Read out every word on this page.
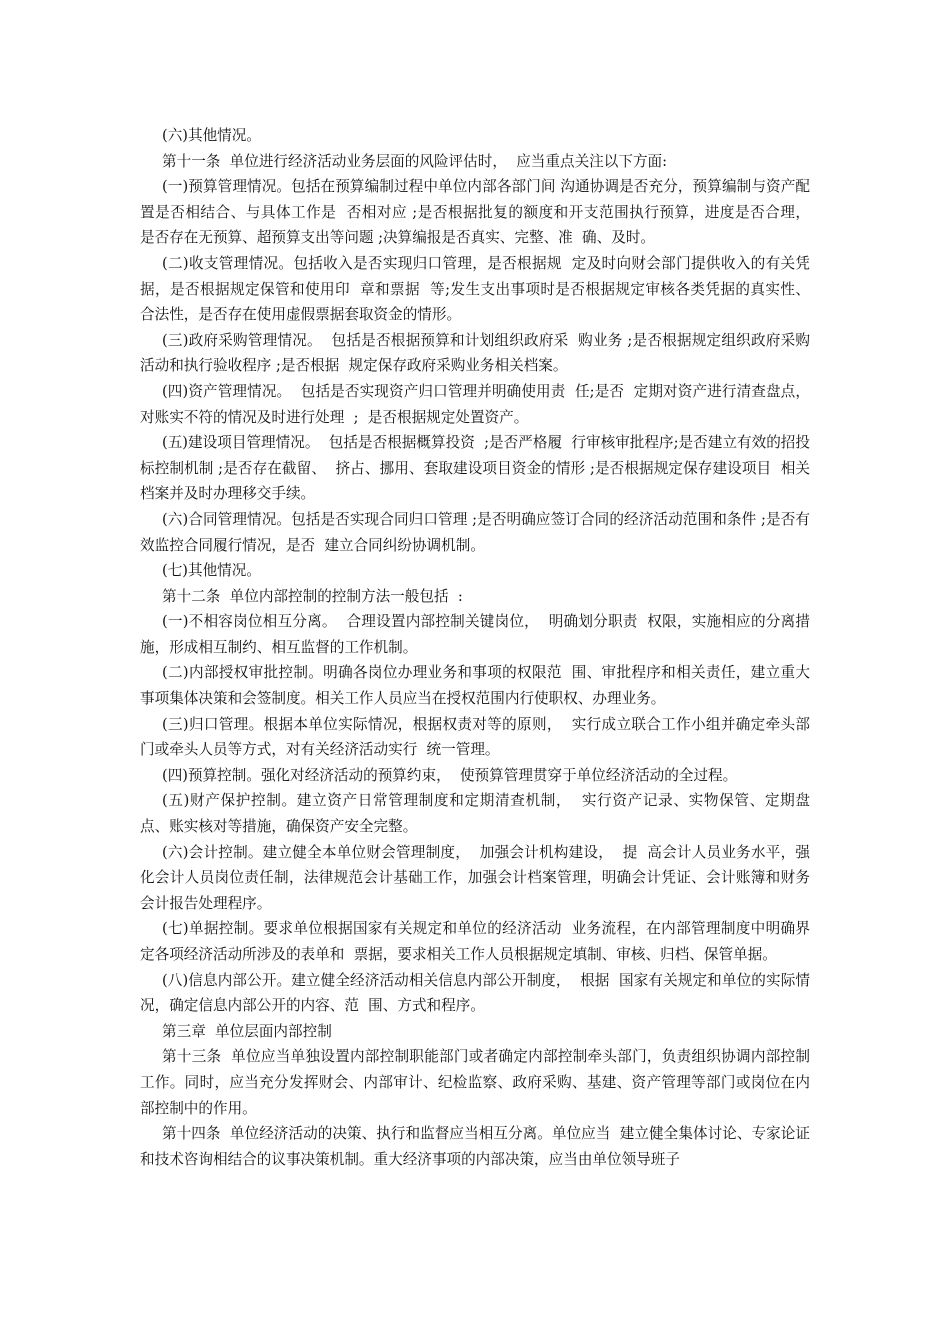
(六)其他情况。

第十一条  单位进行经济活动业务层面的风险评估时，  应当重点关注以下方面:

(一)预算管理情况。包括在预算编制过程中单位内部各部门间 沟通协调是否充分，预算编制与资产配置是否相结合、与具体工作是  否相对应 ;是否根据批复的额度和开支范围执行预算，进度是否合理，   是否存在无预算、超预算支出等问题 ;决算编报是否真实、完整、准  确、及时。

(二)收支管理情况。包括收入是否实现归口管理，是否根据规  定及时向财会部门提供收入的有关凭据，是否根据规定保管和使用印  章和票据  等;发生支出事项时是否根据规定审核各类凭据的真实性、  合法性，是否存在使用虚假票据套取资金的情形。

(三)政府采购管理情况。  包括是否根据预算和计划组织政府采  购业务 ;是否根据规定组织政府采购活动和执行验收程序 ;是否根据  规定保存政府采购业务相关档案。

(四)资产管理情况。  包括是否实现资产归口管理并明确使用责  任;是否  定期对资产进行清查盘点，对账实不符的情况及时进行处理  ;  是否根据规定处置资产。

(五)建设项目管理情况。  包括是否根据概算投资  ;是否严格履  行审核审批程序;是否建立有效的招投标控制机制 ;是否存在截留、  挤占、挪用、套取建设项目资金的情形 ;是否根据规定保存建设项目  相关档案并及时办理移交手续。

(六)合同管理情况。包括是否实现合同归口管理 ;是否明确应签订合同的经济活动范围和条件 ;是否有效监控合同履行情况，是否  建立合同纠纷协调机制。

(七)其他情况。

第十二条  单位内部控制的控制方法一般包括  :

(一)不相容岗位相互分离。  合理设置内部控制关键岗位，  明确划分职责  权限，实施相应的分离措施，形成相互制约、相互监督的工作机制。

(二)内部授权审批控制。明确各岗位办理业务和事项的权限范  围、审批程序和相关责任，建立重大事项集体决策和会签制度。相关工作人员应当在授权范围内行使职权、办理业务。

(三)归口管理。根据本单位实际情况，根据权责对等的原则，  实行成立联合工作小组并确定牵头部门或牵头人员等方式，对有关经济活动实行  统一管理。

(四)预算控制。强化对经济活动的预算约束，  使预算管理贯穿于单位经济活动的全过程。

(五)财产保护控制。建立资产日常管理制度和定期清查机制，  实行资产记录、实物保管、定期盘点、账实核对等措施，确保资产安全完整。

(六)会计控制。建立健全本单位财会管理制度，  加强会计机构建设，  提  高会计人员业务水平，强化会计人员岗位责任制，法律规范会计基础工作，加强会计档案管理，明确会计凭证、会计账簿和财务会计报告处理程序。

(七)单据控制。要求单位根据国家有关规定和单位的经济活动  业务流程，在内部管理制度中明确界定各项经济活动所涉及的表单和  票据，要求相关工作人员根据规定填制、审核、归档、保管单据。

(八)信息内部公开。建立健全经济活动相关信息内部公开制度，  根据  国家有关规定和单位的实际情况，确定信息内部公开的内容、范  围、方式和程序。

第三章  单位层面内部控制

第十三条  单位应当单独设置内部控制职能部门或者确定内部控制牵头部门，负责组织协调内部控制工作。同时，应当充分发挥财会、内部审计、纪检监察、政府采购、基建、资产管理等部门或岗位在内部控制中的作用。

第十四条  单位经济活动的决策、执行和监督应当相互分离。单位应当  建立健全集体讨论、专家论证和技术咨询相结合的议事决策机制。重大经济事项的内部决策，应当由单位领导班子
